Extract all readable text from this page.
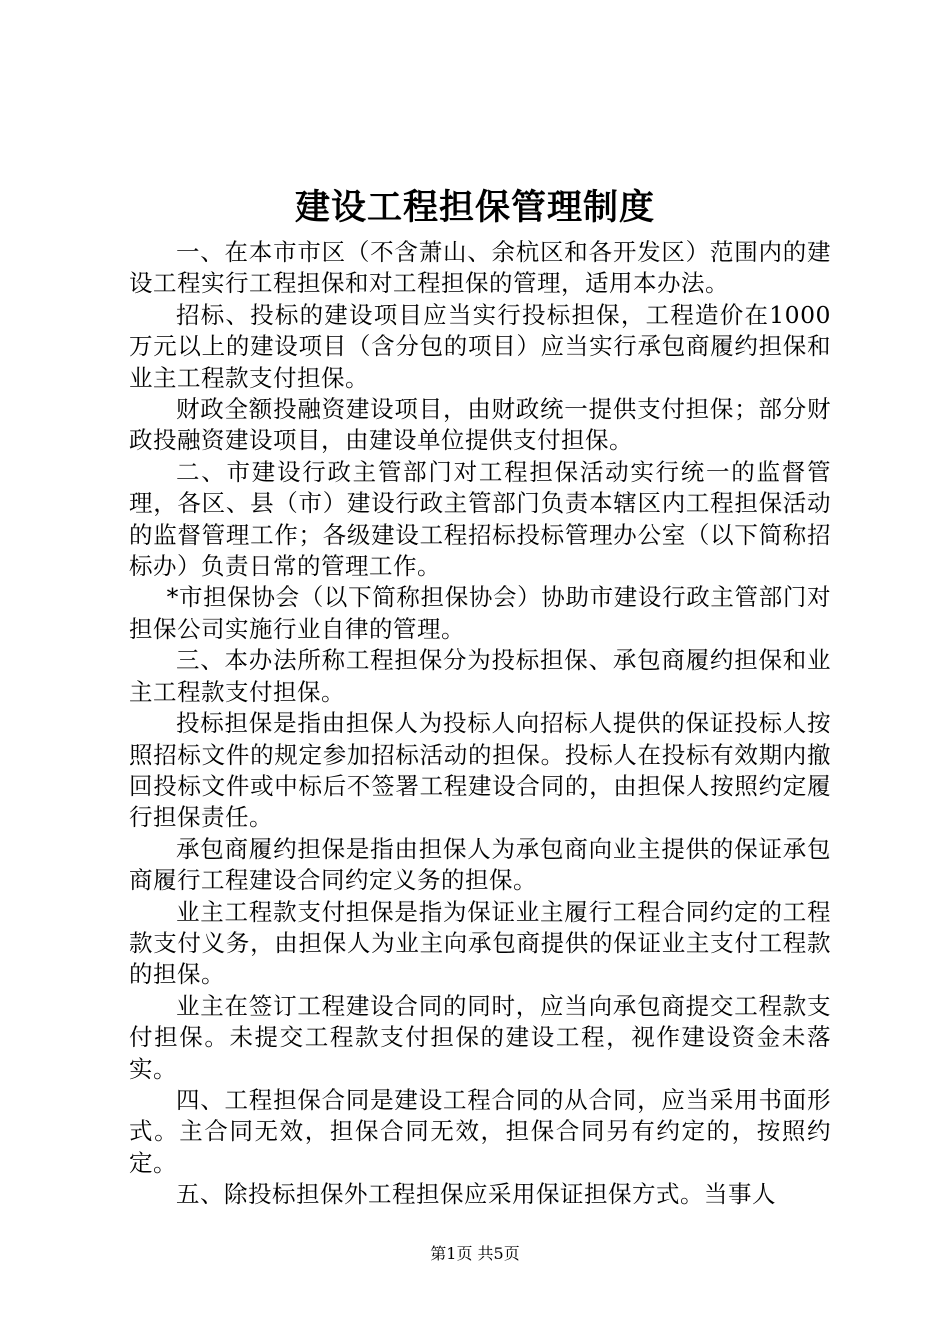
建设工程担保管理制度

一、在本市市区（不含萧山、余杭区和各开发区）范围内的建设工程实行工程担保和对工程担保的管理，适用本办法。

招标、投标的建设项目应当实行投标担保，工程造价在1000万元以上的建设项目（含分包的项目）应当实行承包商履约担保和业主工程款支付担保。

财政全额投融资建设项目，由财政统一提供支付担保；部分财政投融资建设项目，由建设单位提供支付担保。

二、市建设行政主管部门对工程担保活动实行统一的监督管理，各区、县（市）建设行政主管部门负责本辖区内工程担保活动的监督管理工作；各级建设工程招标投标管理办公室（以下简称招标办）负责日常的管理工作。

*市担保协会（以下简称担保协会）协助市建设行政主管部门对担保公司实施行业自律的管理。

三、本办法所称工程担保分为投标担保、承包商履约担保和业主工程款支付担保。

投标担保是指由担保人为投标人向招标人提供的保证投标人按照招标文件的规定参加招标活动的担保。投标人在投标有效期内撤回投标文件或中标后不签署工程建设合同的，由担保人按照约定履行担保责任。

承包商履约担保是指由担保人为承包商向业主提供的保证承包商履行工程建设合同约定义务的担保。

业主工程款支付担保是指为保证业主履行工程合同约定的工程款支付义务，由担保人为业主向承包商提供的保证业主支付工程款的担保。

业主在签订工程建设合同的同时，应当向承包商提交工程款支付担保。未提交工程款支付担保的建设工程，视作建设资金未落实。

四、工程担保合同是建设工程合同的从合同，应当采用书面形式。主合同无效，担保合同无效，担保合同另有约定的，按照约定。

五、除投标担保外工程担保应采用保证担保方式。当事人

第1页 共5页
